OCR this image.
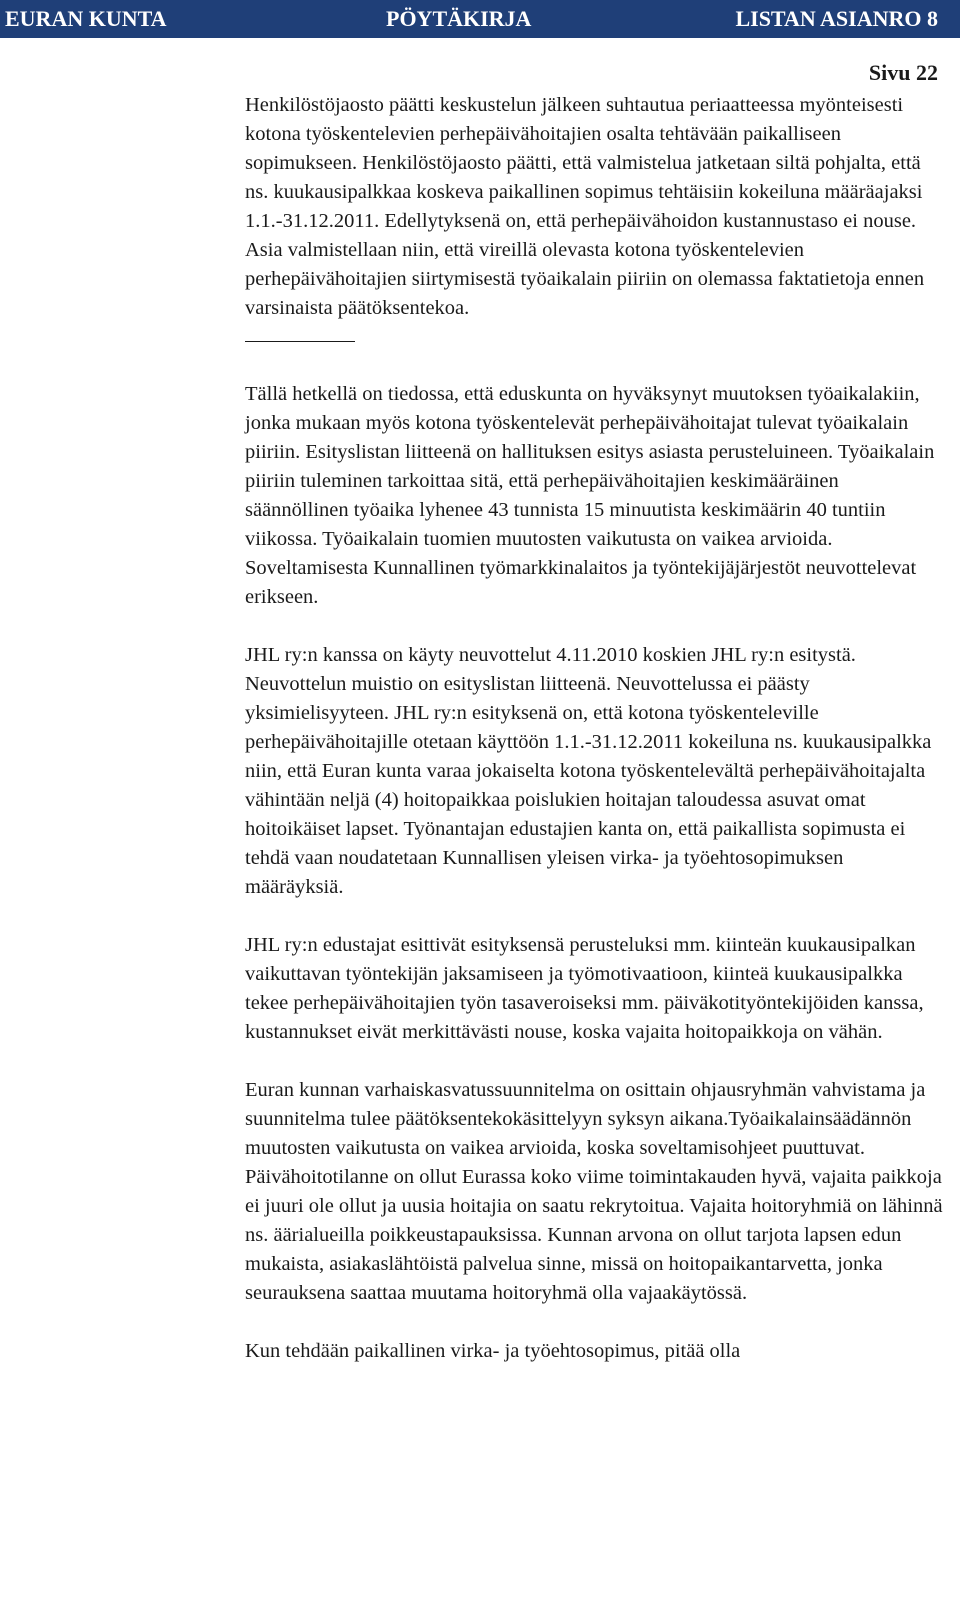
EURAN KUNTA	PÖYTÄKIRJA	LISTAN ASIANRO 8
Sivu 22

Henkilöstöjaosto päätti keskustelun jälkeen suhtautua periaatteessa myönteisesti kotona työskentelevien perhepäivähoitajien osalta tehtävään paikalliseen sopimukseen. Henkilöstöjaosto päätti, että valmistelua jatketaan siltä pohjalta, että ns. kuukausipalkkaa koskeva paikallinen sopimus tehtäisiin kokeiluna määräajaksi 1.1.-31.12.2011. Edellytyksenä on, että perhepäivähoidon kustannustaso ei nouse. Asia valmistellaan niin, että vireillä olevasta kotona työskentelevien perhepäivähoitajien siirtymisestä työaikalain piiriin on olemassa faktatietoja ennen varsinaista päätöksentekoa.

Tällä hetkellä on tiedossa, että eduskunta on hyväksynyt muutoksen työaikalakiin, jonka mukaan myös kotona työskentelevät perhepäivähoitajat tulevat työaikalain piiriin. Esityslistan liitteenä on hallituksen esitys asiasta perusteluineen. Työaikalain piiriin tuleminen tarkoittaa sitä, että perhepäivähoitajien keskimääräinen säännöllinen työaika lyhenee 43 tunnista 15 minuutista keskimäärin 40 tuntiin viikossa. Työaikalain tuomien muutosten vaikutusta on vaikea arvioida. Soveltamisesta Kunnallinen työmarkkinalaitos ja työntekijäjärjestöt neuvottelevat erikseen.

JHL ry:n kanssa on käyty neuvottelut 4.11.2010 koskien JHL ry:n esitystä. Neuvottelun muistio on esityslistan liitteenä. Neuvottelussa ei päästy yksimielisyyteen. JHL ry:n esityksenä on, että kotona työskenteleville perhepäivähoitajille otetaan käyttöön 1.1.-31.12.2011 kokeiluna ns. kuukausipalkka niin, että Euran kunta varaa jokaiselta kotona työskentelevältä perhepäivähoitajalta vähintään neljä (4) hoitopaikkaa poislukien hoitajan taloudessa asuvat omat hoitoikäiset lapset. Työnantajan edustajien kanta on, että paikallista sopimusta ei tehdä vaan noudatetaan Kunnallisen yleisen virka- ja työehtosopimuksen määräyksiä.

JHL ry:n edustajat esittivät esityksensä perusteluksi mm. kiinteän kuukausipalkan vaikuttavan työntekijän jaksamiseen ja työmotivaatioon, kiinteä kuukausipalkka tekee perhepäivähoitajien työn tasaveroiseksi mm. päiväkotityöntekijöiden kanssa, kustannukset eivät merkittävästi nouse, koska vajaita hoitopaikkoja on vähän.

Euran kunnan varhaiskasvatussuunnitelma on osittain ohjausryhmän vahvistama ja suunnitelma tulee päätöksentekokäsittelyyn syksyn aikana.Työaikalainsäädännön muutosten vaikutusta on vaikea arvioida, koska soveltamisohjeet puuttuvat. Päivähoitotilanne on ollut Eurassa koko viime toimintakauden hyvä, vajaita paikkoja ei juuri ole ollut ja uusia hoitajia on saatu rekrytoitua. Vajaita hoitoryhmiä on lähinnä ns. äärialueilla poikkeustapauksissa. Kunnan arvona on ollut tarjota lapsen edun mukaista, asiakaslähtöistä palvelua sinne, missä on hoitopaikantarvetta, jonka seurauksena saattaa muutama hoitoryhmä olla vajaakäytössä.

Kun tehdään paikallinen virka- ja työehtosopimus, pitää olla
